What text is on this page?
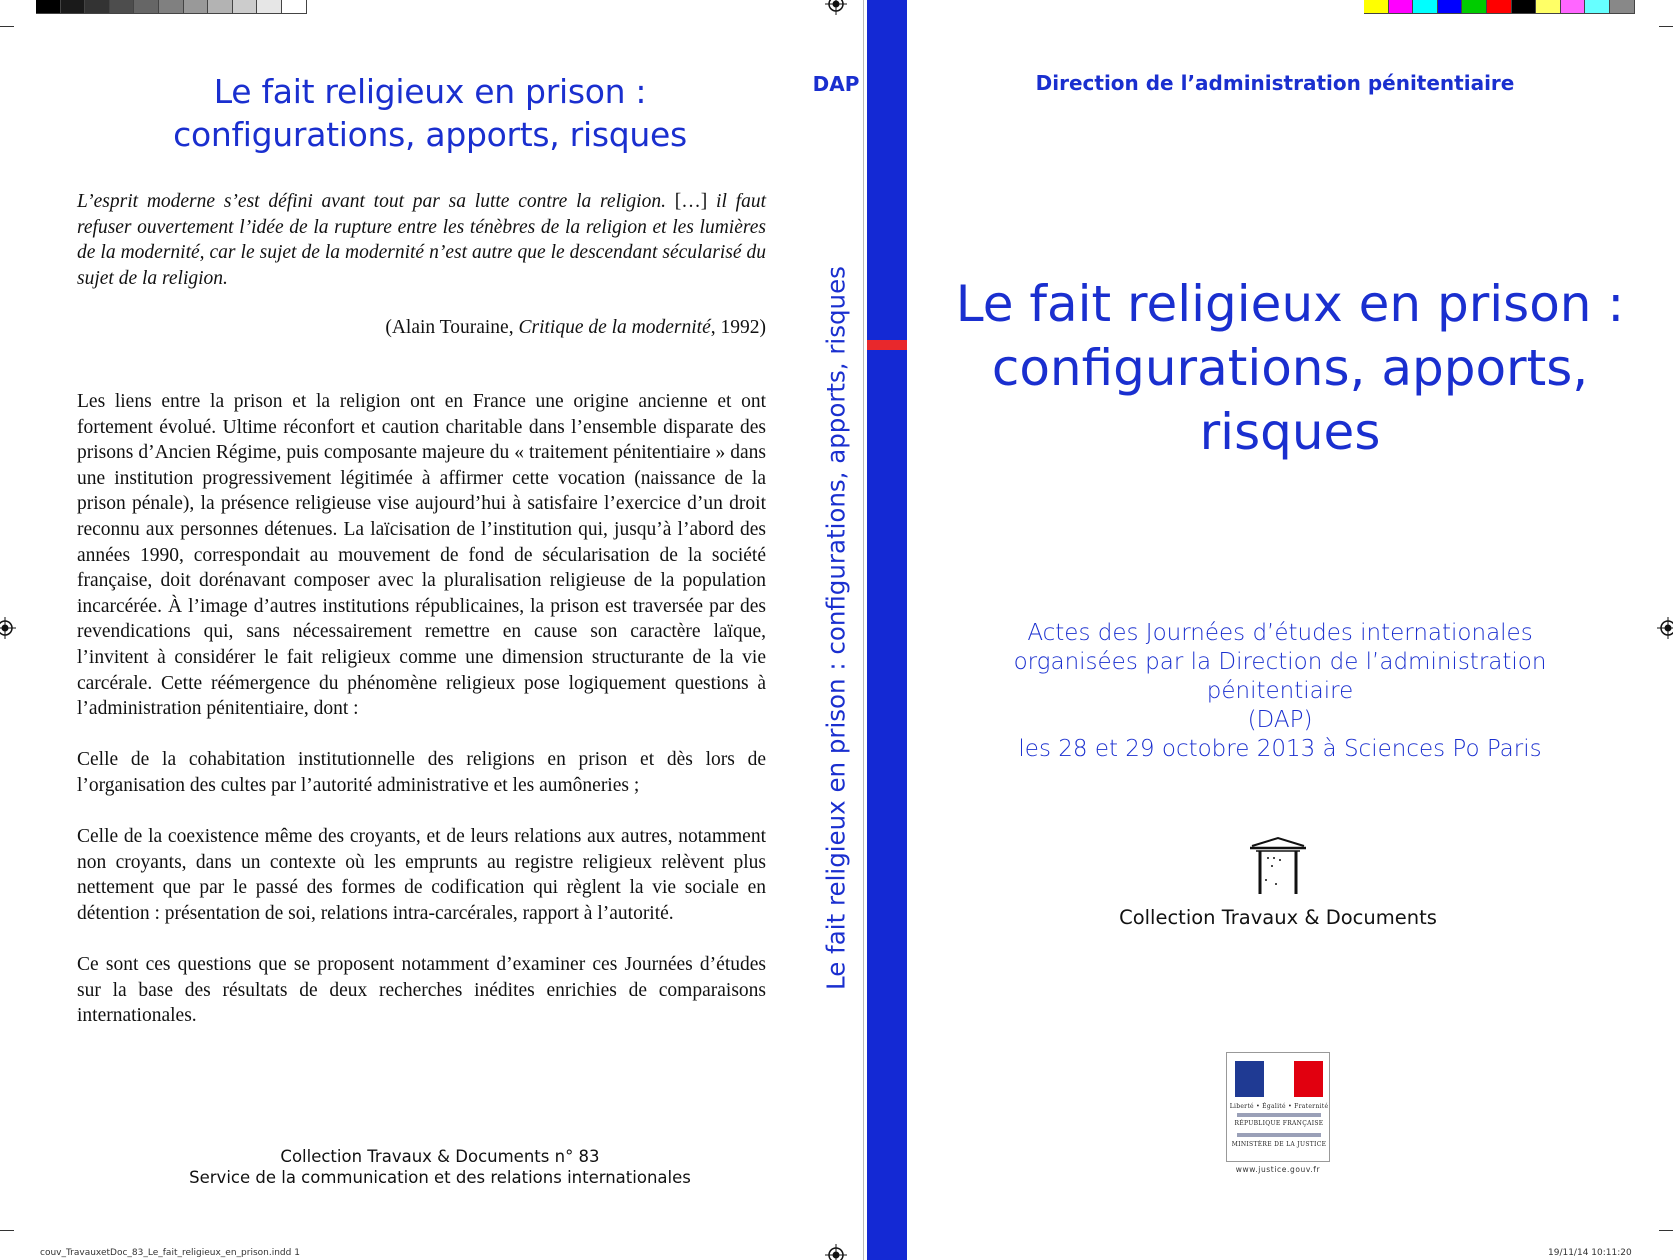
Le fait religieux en prison :
configurations, apports, risques
L’esprit moderne s’est défini avant tout par sa lutte contre la religion. […] il faut refuser ouvertement l’idée de la rupture entre les ténèbres de la religion et les lumières de la modernité, car le sujet de la modernité n’est autre que le descendant sécularisé du sujet de la religion.
(Alain Touraine, Critique de la modernité, 1992)

Les liens entre la prison et la religion ont en France une origine ancienne et ont fortement évolué. Ultime réconfort et caution charitable dans l’ensemble disparate des prisons d’Ancien Régime, puis composante majeure du « traitement pénitentiaire » dans une institution progressivement légitimée à affirmer cette vocation (naissance de la prison pénale), la présence religieuse vise aujourd’hui à satisfaire l’exercice d’un droit reconnu aux personnes détenues. La laïcisation de l’institution qui, jusqu’à l’abord des années 1990, correspondait au mouvement de fond de sécularisation de la société française, doit dorénavant composer avec la pluralisation religieuse de la population incarcérée. À l’image d’autres institutions républicaines, la prison est traversée par des revendications qui, sans nécessairement remettre en cause son caractère laïque, l’invitent à considérer le fait religieux comme une dimension structurante de la vie carcérale. Cette réémergence du phénomène religieux pose logiquement questions à l’administration pénitentiaire, dont :

Celle de la cohabitation institutionnelle des religions en prison et dès lors de l’organisation des cultes par l’autorité administrative et les aumôneries ;

Celle de la coexistence même des croyants, et de leurs relations aux autres, notamment non croyants, dans un contexte où les emprunts au registre religieux relèvent plus nettement que par le passé des formes de codification qui règlent la vie sociale en détention : présentation de soi, relations intra-carcérales, rapport à l’autorité.

Ce sont ces questions que se proposent notamment d’examiner ces Journées d’études sur la base des résultats de deux recherches inédites enrichies de comparaisons internationales.

Collection Travaux & Documents n° 83
Service de la communication et des relations internationales
DAP
Le fait religieux en prison : configurations, apports, risques
Direction de l’administration pénitentiaire
Le fait religieux en prison :
configurations, apports,
risques
Actes des Journées d’études internationales
organisées par la Direction de l’administration pénitentiaire
(DAP)
les 28 et 29 octobre 2013 à Sciences Po Paris
Collection Travaux & Documents
Liberté • Égalité • Fraternité
RÉPUBLIQUE FRANÇAISE
MINISTÈRE DE LA JUSTICE
www.justice.gouv.fr
couv_TravauxetDoc_83_Le_fait_religieux_en_prison.indd 1	19/11/14 10:11:20
